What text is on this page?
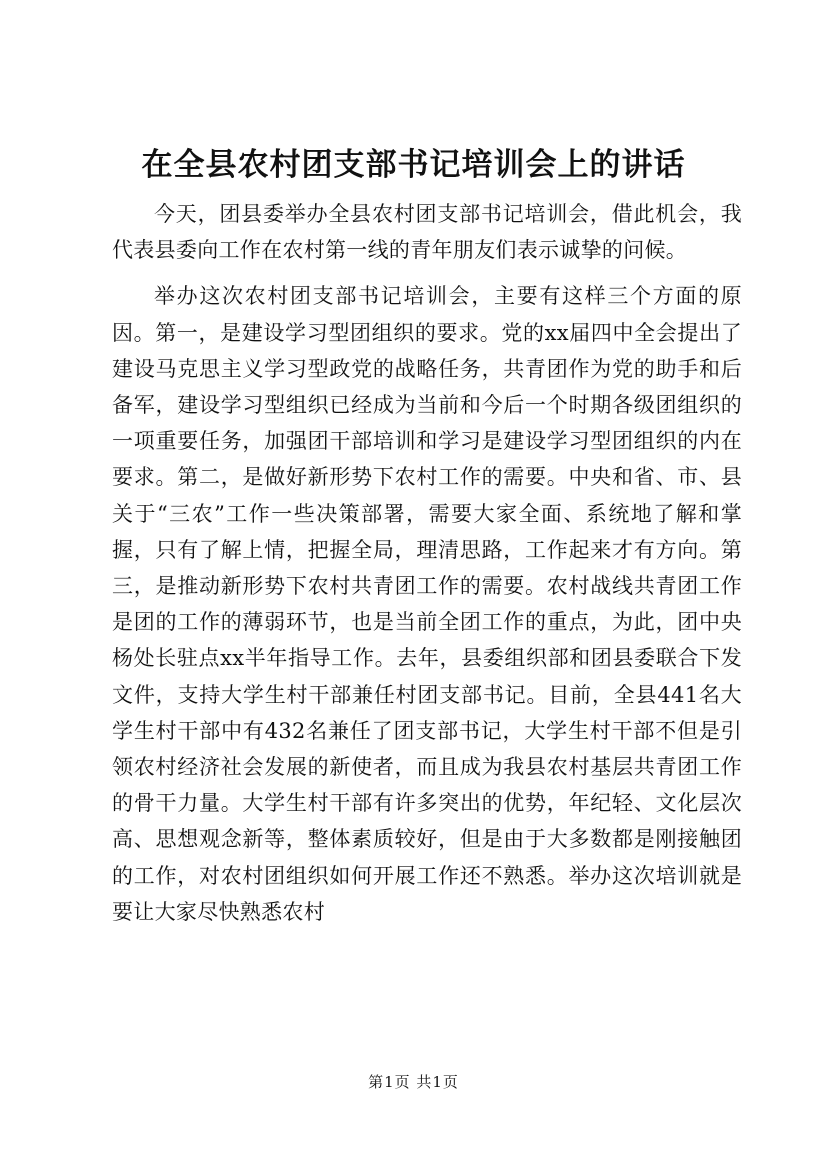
在全县农村团支部书记培训会上的讲话

今天，团县委举办全县农村团支部书记培训会，借此机会，我代表县委向工作在农村第一线的青年朋友们表示诚挚的问候。

举办这次农村团支部书记培训会，主要有这样三个方面的原因。第一，是建设学习型团组织的要求。党的xx届四中全会提出了建设马克思主义学习型政党的战略任务，共青团作为党的助手和后备军，建设学习型组织已经成为当前和今后一个时期各级团组织的一项重要任务，加强团干部培训和学习是建设学习型团组织的内在要求。第二，是做好新形势下农村工作的需要。中央和省、市、县关于“三农”工作一些决策部署，需要大家全面、系统地了解和掌握，只有了解上情，把握全局，理清思路，工作起来才有方向。第三，是推动新形势下农村共青团工作的需要。农村战线共青团工作是团的工作的薄弱环节，也是当前全团工作的重点，为此，团中央杨处长驻点xx半年指导工作。去年，县委组织部和团县委联合下发文件，支持大学生村干部兼任村团支部书记。目前，全县441名大学生村干部中有432名兼任了团支部书记，大学生村干部不但是引领农村经济社会发展的新使者，而且成为我县农村基层共青团工作的骨干力量。大学生村干部有许多突出的优势，年纪轻、文化层次高、思想观念新等，整体素质较好，但是由于大多数都是刚接触团的工作，对农村团组织如何开展工作还不熟悉。举办这次培训就是要让大家尽快熟悉农村

第1页 共1页
